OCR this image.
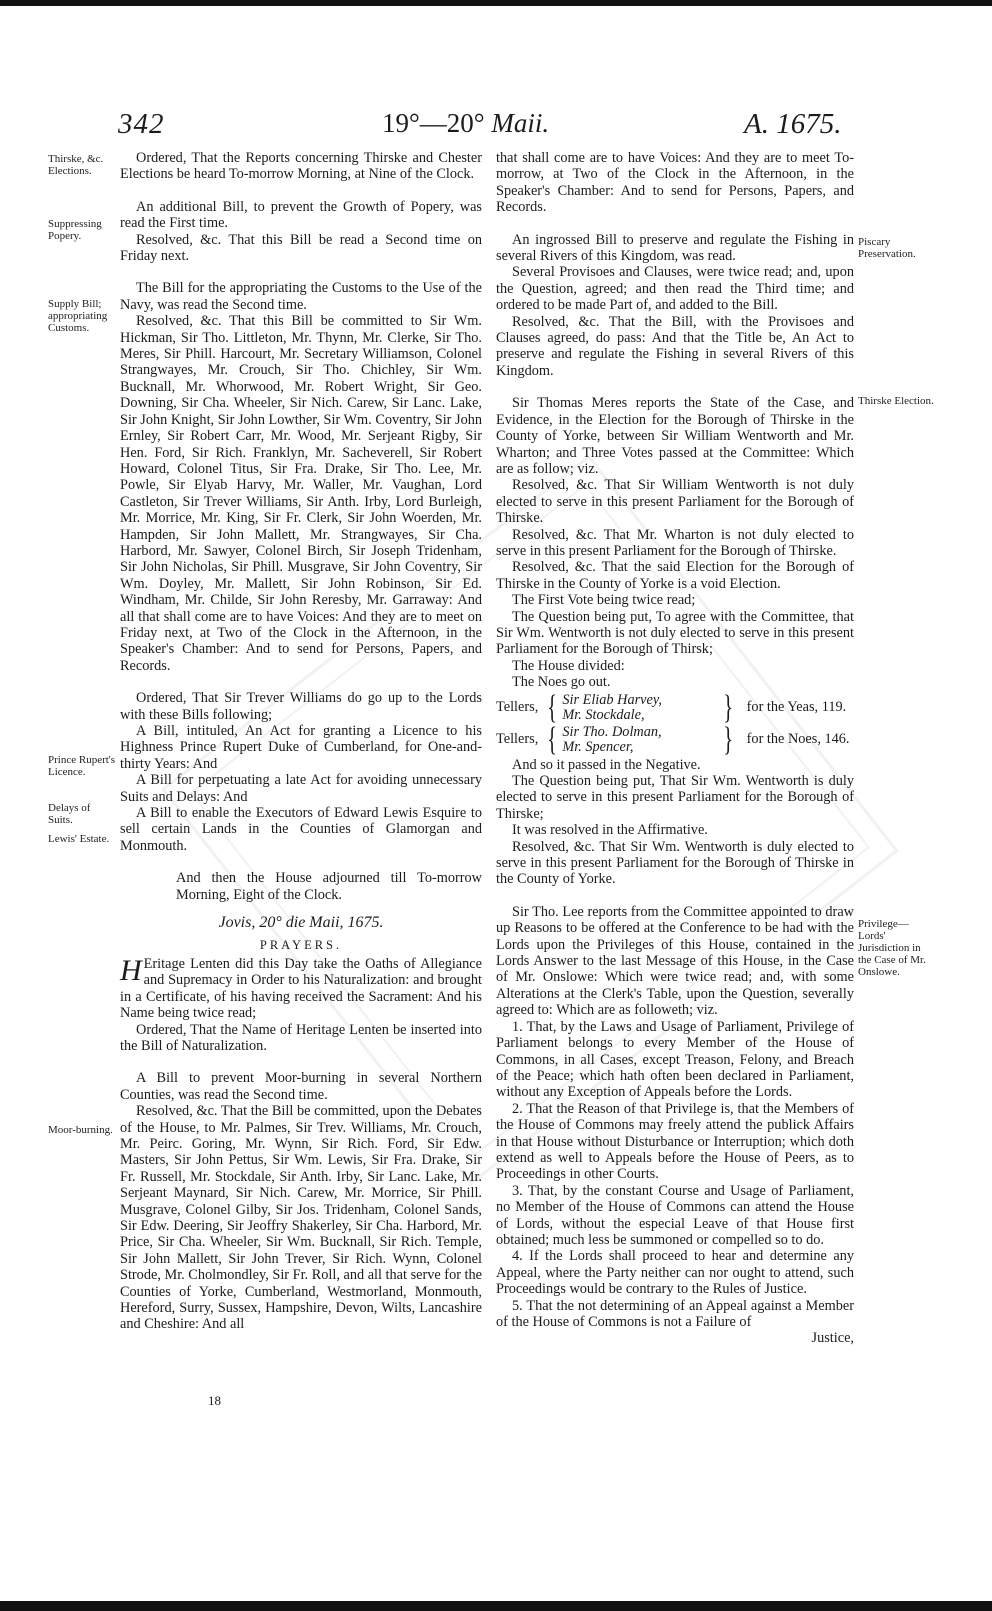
342	19°—20° Maii.	A. 1675.
Thirske, &c. Elections.
Suppressing Popery.
Supply Bill; appropriating Customs.
Prince Rupert's Licence.
Delays of Suits.
Lewis' Estate.
Moor-burning.
Piscary Preservation.
Thirske Election.
Privilege— Lords' Jurisdiction in the Case of Mr. Onslowe.

Ordered, That the Reports concerning Thirske and Chester Elections be heard To-morrow Morning, at Nine of the Clock.

An additional Bill, to prevent the Growth of Popery, was read the First time.

Resolved, &c. That this Bill be read a Second time on Friday next.

The Bill for the appropriating the Customs to the Use of the Navy, was read the Second time.

Resolved, &c. That this Bill be committed to Sir Wm. Hickman, Sir Tho. Littleton, Mr. Thynn, Mr. Clerke, Sir Tho. Meres, Sir Phill. Harcourt, Mr. Secretary Williamson, Colonel Strangwayes, Mr. Crouch, Sir Tho. Chichley, Sir Wm. Bucknall, Mr. Whorwood, Mr. Robert Wright, Sir Geo. Downing, Sir Cha. Wheeler, Sir Nich. Carew, Sir Lanc. Lake, Sir John Knight, Sir John Lowther, Sir Wm. Coventry, Sir John Ernley, Sir Robert Carr, Mr. Wood, Mr. Serjeant Rigby, Sir Hen. Ford, Sir Rich. Franklyn, Mr. Sacheverell, Sir Robert Howard, Colonel Titus, Sir Fra. Drake, Sir Tho. Lee, Mr. Powle, Sir Elyab Harvy, Mr. Waller, Mr. Vaughan, Lord Castleton, Sir Trever Williams, Sir Anth. Irby, Lord Burleigh, Mr. Morrice, Mr. King, Sir Fr. Clerk, Sir John Woerden, Mr. Hampden, Sir John Mallett, Mr. Strangwayes, Sir Cha. Harbord, Mr. Sawyer, Colonel Birch, Sir Joseph Tridenham, Sir John Nicholas, Sir Phill. Musgrave, Sir John Coventry, Sir Wm. Doyley, Mr. Mallett, Sir John Robinson, Sir Ed. Windham, Mr. Childe, Sir John Reresby, Mr. Garraway: And all that shall come are to have Voices: And they are to meet on Friday next, at Two of the Clock in the Afternoon, in the Speaker's Chamber: And to send for Persons, Papers, and Records.

Ordered, That Sir Trever Williams do go up to the Lords with these Bills following;

A Bill, intituled, An Act for granting a Licence to his Highness Prince Rupert Duke of Cumberland, for One-and-thirty Years: And

A Bill for perpetuating a late Act for avoiding unnecessary Suits and Delays: And

A Bill to enable the Executors of Edward Lewis Esquire to sell certain Lands in the Counties of Glamorgan and Monmouth.

And then the House adjourned till To-morrow Morning, Eight of the Clock.

Jovis, 20° die Maii, 1675.

PRAYERS.

H Eritage Lenten did this Day take the Oaths of Allegiance and Supremacy in Order to his Naturalization: and brought in a Certificate, of his having received the Sacrament: And his Name being twice read;

Ordered, That the Name of Heritage Lenten be inserted into the Bill of Naturalization.

A Bill to prevent Moor-burning in several Northern Counties, was read the Second time.

Resolved, &c. That the Bill be committed, upon the Debates of the House, to Mr. Palmes, Sir Trev. Williams, Mr. Crouch, Mr. Peirc. Goring, Mr. Wynn, Sir Rich. Ford, Sir Edw. Masters, Sir John Pettus, Sir Wm. Lewis, Sir Fra. Drake, Sir Fr. Russell, Mr. Stockdale, Sir Anth. Irby, Sir Lanc. Lake, Mr. Serjeant Maynard, Sir Nich. Carew, Mr. Morrice, Sir Phill. Musgrave, Colonel Gilby, Sir Jos. Tridenham, Colonel Sands, Sir Edw. Deering, Sir Jeoffry Shakerley, Sir Cha. Harbord, Mr. Price, Sir Cha. Wheeler, Sir Wm. Bucknall, Sir Rich. Temple, Sir John Mallett, Sir John Trever, Sir Rich. Wynn, Colonel Strode, Mr. Cholmondley, Sir Fr. Roll, and all that serve for the Counties of Yorke, Cumberland, Westmorland, Monmouth, Hereford, Surry, Sussex, Hampshire, Devon, Wilts, Lancashire and Cheshire: And all

18

that shall come are to have Voices: And they are to meet To-morrow, at Two of the Clock in the Afternoon, in the Speaker's Chamber: And to send for Persons, Papers, and Records.

An ingrossed Bill to preserve and regulate the Fishing in several Rivers of this Kingdom, was read.

Several Provisoes and Clauses, were twice read; and, upon the Question, agreed; and then read the Third time; and ordered to be made Part of, and added to the Bill.

Resolved, &c. That the Bill, with the Provisoes and Clauses agreed, do pass: And that the Title be, An Act to preserve and regulate the Fishing in several Rivers of this Kingdom.

Sir Thomas Meres reports the State of the Case, and Evidence, in the Election for the Borough of Thirske in the County of Yorke, between Sir William Wentworth and Mr. Wharton; and Three Votes passed at the Committee: Which are as follow; viz.

Resolved, &c. That Sir William Wentworth is not duly elected to serve in this present Parliament for the Borough of Thirske.

Resolved, &c. That Mr. Wharton is not duly elected to serve in this present Parliament for the Borough of Thirske.

Resolved, &c. That the said Election for the Borough of Thirske in the County of Yorke is a void Election.

The First Vote being twice read;

The Question being put, To agree with the Committee, that Sir Wm. Wentworth is not duly elected to serve in this present Parliament for the Borough of Thirsk;

The House divided:

The Noes go out.

Tellers, { Sir Eliab Harvey,
Mr. Stockdale,	} for the Yeas, 119.
Tellers, { Sir Tho. Dolman,
Mr. Spencer,	} for the Noes, 146.

And so it passed in the Negative.

The Question being put, That Sir Wm. Wentworth is duly elected to serve in this present Parliament for the Borough of Thirske;

It was resolved in the Affirmative.

Resolved, &c. That Sir Wm. Wentworth is duly elected to serve in this present Parliament for the Borough of Thirske in the County of Yorke.

Sir Tho. Lee reports from the Committee appointed to draw up Reasons to be offered at the Conference to be had with the Lords upon the Privileges of this House, contained in the Lords Answer to the last Message of this House, in the Case of Mr. Onslowe: Which were twice read; and, with some Alterations at the Clerk's Table, upon the Question, severally agreed to: Which are as followeth; viz.

1. That, by the Laws and Usage of Parliament, Privilege of Parliament belongs to every Member of the House of Commons, in all Cases, except Treason, Felony, and Breach of the Peace; which hath often been declared in Parliament, without any Exception of Appeals before the Lords.

2. That the Reason of that Privilege is, that the Members of the House of Commons may freely attend the publick Affairs in that House without Disturbance or Interruption; which doth extend as well to Appeals before the House of Peers, as to Proceedings in other Courts.

3. That, by the constant Course and Usage of Parliament, no Member of the House of Commons can attend the House of Lords, without the especial Leave of that House first obtained; much less be summoned or compelled so to do.

4. If the Lords shall proceed to hear and determine any Appeal, where the Party neither can nor ought to attend, such Proceedings would be contrary to the Rules of Justice.

5. That the not determining of an Appeal against a Member of the House of Commons is not a Failure of

Justice,
